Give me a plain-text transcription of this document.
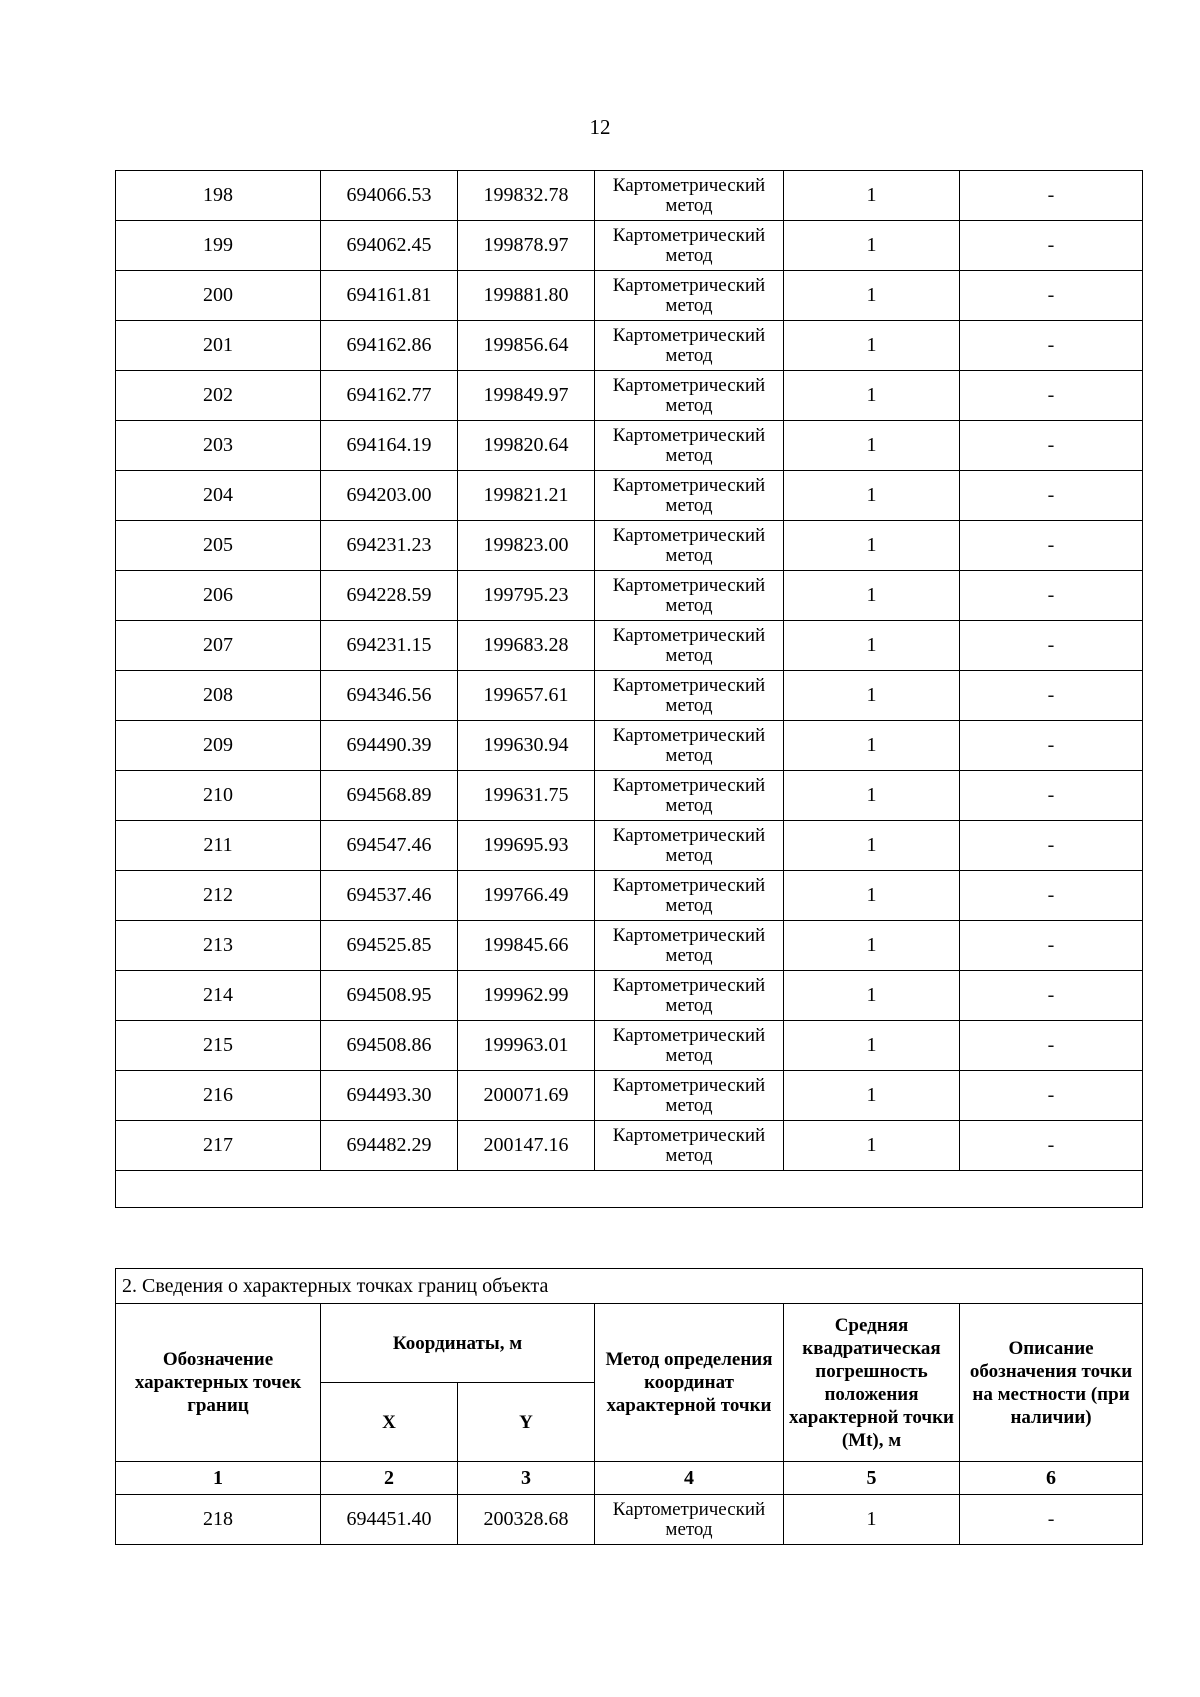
12
198	694066.53	199832.78	Картометрический метод	1	-
199	694062.45	199878.97	Картометрический метод	1	-
200	694161.81	199881.80	Картометрический метод	1	-
201	694162.86	199856.64	Картометрический метод	1	-
202	694162.77	199849.97	Картометрический метод	1	-
203	694164.19	199820.64	Картометрический метод	1	-
204	694203.00	199821.21	Картометрический метод	1	-
205	694231.23	199823.00	Картометрический метод	1	-
206	694228.59	199795.23	Картометрический метод	1	-
207	694231.15	199683.28	Картометрический метод	1	-
208	694346.56	199657.61	Картометрический метод	1	-
209	694490.39	199630.94	Картометрический метод	1	-
210	694568.89	199631.75	Картометрический метод	1	-
211	694547.46	199695.93	Картометрический метод	1	-
212	694537.46	199766.49	Картометрический метод	1	-
213	694525.85	199845.66	Картометрический метод	1	-
214	694508.95	199962.99	Картометрический метод	1	-
215	694508.86	199963.01	Картометрический метод	1	-
216	694493.30	200071.69	Картометрический метод	1	-
217	694482.29	200147.16	Картометрический метод	1	-

2. Сведения о характерных точках границ объекта					
Обозначение характерных точек границ	Координаты, м		Метод определения координат характерной точки	Средняя квадратическая погрешность положения характерной точки (Mt), м	Описание обозначения точки на местности (при наличии)
	X	Y			
1	2	3	4	5	6
218	694451.40	200328.68	Картометрический метод	1	-
